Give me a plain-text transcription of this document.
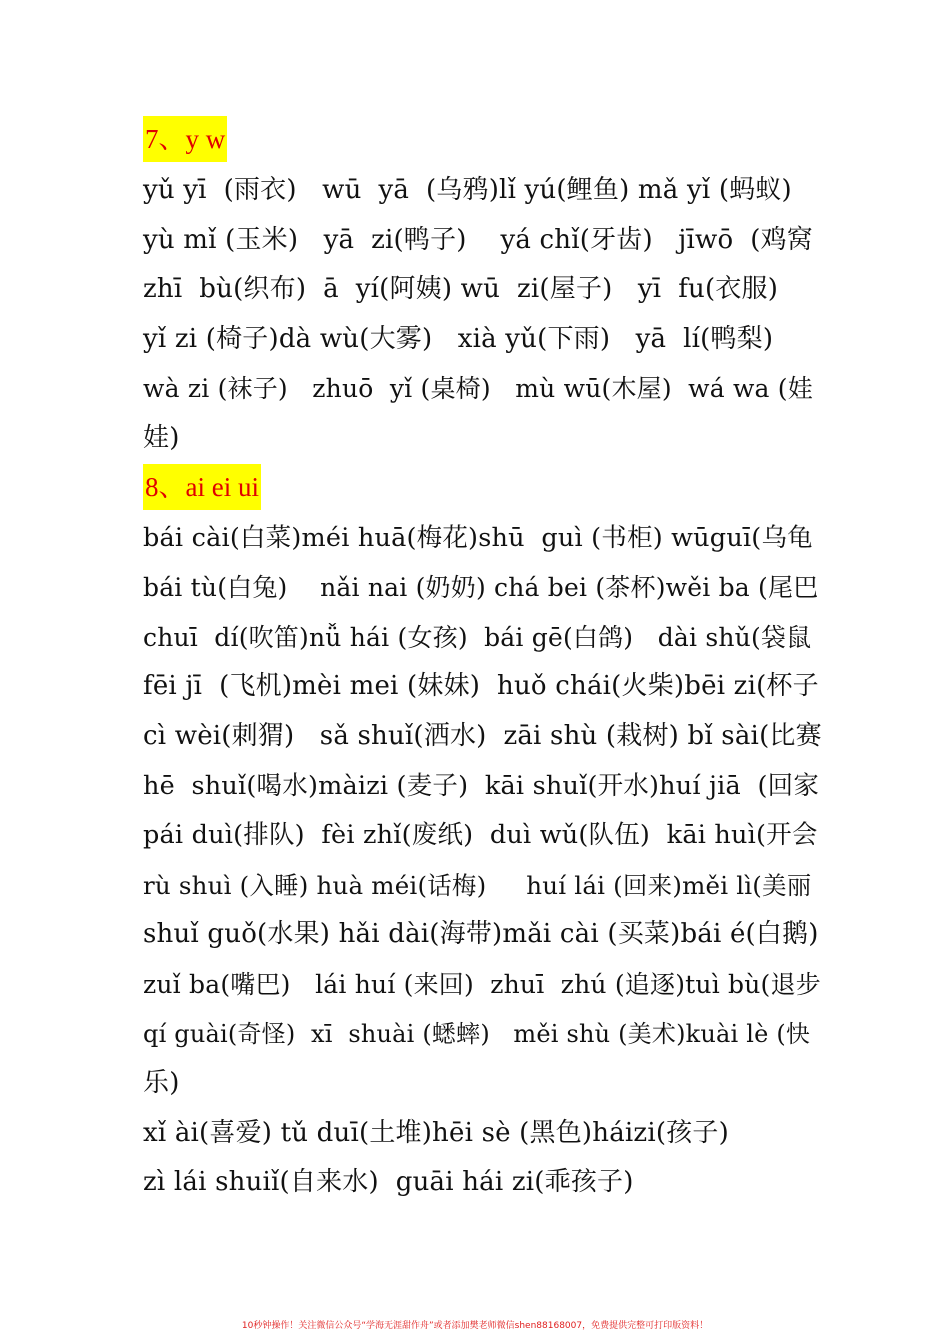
7、y w
yǔ yī  (雨衣)   wū  yā  (乌鸦)lǐ yú(鲤鱼) mǎ yǐ (蚂蚁)
yù mǐ (玉米)   yā  zi(鸭子)    yá chǐ(牙齿)   jīwō  (鸡窝
zhī  bù(织布)  ā  yí(阿姨) wū  zi(屋子)   yī  fu(衣服)
yǐ zi (椅子)dà wù(大雾)   xià yǔ(下雨)   yā  lí(鸭梨)
wà zi (袜子)   zhuō  yǐ (桌椅)   mù wū(木屋)  wá wa (娃
娃)
8、ai ei ui
bái cài(白菜)méi huā(梅花)shū  guì (书柜) wūguī(乌龟
bái tù(白兔)    nǎi nai (奶奶) chá bei (茶杯)wěi ba (尾巴
chuī  dí(吹笛)nǚ hái (女孩)  bái gē(白鸽)   dài shǔ(袋鼠
fēi jī  (飞机)mèi mei (妹妹)  huǒ chái(火柴)bēi zi(杯子
cì wèi(刺猬)   sǎ shuǐ(洒水)  zāi shù (栽树) bǐ sài(比赛
hē  shuǐ(喝水)màizi (麦子)  kāi shuǐ(开水)huí jiā  (回家
pái duì(排队)  fèi zhǐ(废纸)  duì wǔ(队伍)  kāi huì(开会
rù shuì (入睡) huà méi(话梅)     huí lái (回来)měi lì(美丽
shuǐ guǒ(水果) hǎi dài(海带)mǎi cài (买菜)bái é(白鹅)
zuǐ ba(嘴巴)   lái huí (来回)  zhuī  zhú (追逐)tuì bù(退步
qí guài(奇怪)  xī  shuài (蟋蟀)   měi shù (美术)kuài lè (快
乐)
xǐ ài(喜爱) tǔ duī(土堆)hēi sè (黑色)háizi(孩子)
zì lái shuiǐ(自来水)  guāi hái zi(乖孩子)
10秒钟操作！关注微信公众号“学海无涯甜作舟”或者添加樊老师微信shen88168007，免费提供完整可打印版资料！
